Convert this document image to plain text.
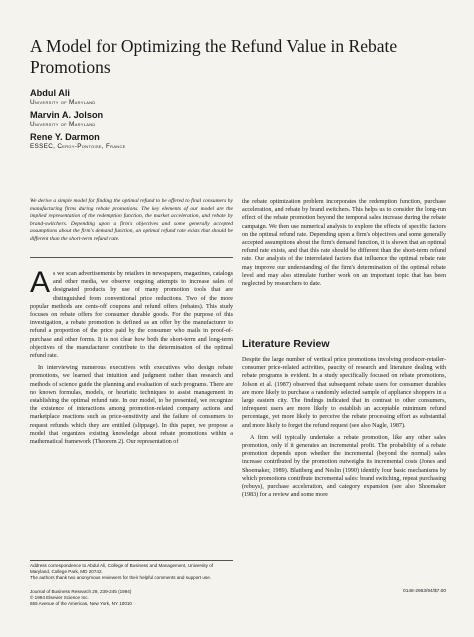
A Model for Optimizing the Refund Value in Rebate Promotions
Abdul Ali
University of Maryland
Marvin A. Jolson
University of Maryland
Rene Y. Darmon
ESSEC, Cergy-Pontoise, France

We derive a simple model for finding the optimal refund to be offered to final consumers by manufacturing firms during rebate promotions. The key elements of our model are the implied representation of the redemption function, the market acceleration, and rebate by brand-switchers. Depending upon a firm's objectives and some generally accepted assumptions about the firm's demand function, an optimal refund rate exists that should be different than the short-term refund rate.

As we scan advertisements by retailers in newspapers, magazines, catalogs and other media, we observe ongoing attempts to increase sales of designated products by use of many promotion tools that are distinguished from conventional price reductions. Two of the more popular methods are cents-off coupons and refund offers (rebates). This study focuses on rebate offers for consumer durable goods. For the purpose of this investigation, a rebate promotion is defined as an offer by the manufacturer to refund a proportion of the price paid by the consumer who mails in proof-of-purchase and other forms. It is not clear how both the short-term and long-term objectives of the manufacturer contribute to the determination of the optimal refund rate.

In interviewing numerous executives with executives who design rebate promotions, we learned that intuition and judgment rather than research and methods of science guide the planning and evaluation of such programs. There are no known formulas, models, or heuristic techniques to assist management in establishing the optimal refund rate. In our model, to be presented, we recognize the existence of interactions among promotion-related company actions and marketplace reactions such as price-sensitivity and the failure of consumers to request refunds which they are entitled (slippage). In this paper, we propose a model that organizes existing knowledge about rebate promotions within a mathematical framework (Theorem 2). Our representation of

the rebate optimization problem incorporates the redemption function, purchase acceleration, and rebate by brand switchers. This helps us to consider the long-run effect of the rebate promotion beyond the temporal sales increase during the rebate campaign. We then use numerical analysis to explore the effects of specific factors on the optimal refund rate. Depending upon a firm's objectives and some generally accepted assumptions about the firm's demand function, it is shown that an optimal refund rate exists, and that this rate should be different than the short-term refund rate. Our analysis of the interrelated factors that influence the optimal rebate rate may improve our understanding of the firm's determination of the optimal rebate level and may also stimulate further work on an important topic that has been neglected by researchers to date.

Literature Review

Despite the large number of vertical price promotions involving producer-retailer-consumer price-related activities, paucity of research and literature dealing with rebate programs is evident. In a study specifically focused on rebate promotions, Jolson et al. (1987) observed that subsequent rebate users for consumer durables are more likely to purchase a randomly selected sample of appliance shoppers in a large eastern city. The findings indicated that in contrast to other consumers, infrequent users are more likely to establish an acceptable minimum refund percentage, yet more likely to perceive the rebate processing effort as substantial and more likely to forget the refund request (see also Nagle, 1987).

A firm will typically undertake a rebate promotion, like any other sales promotion, only if it generates an incremental profit. The probability of a rebate promotion depends upon whether the incremental (beyond the normal) sales increase contributed by the promotion outweighs its incremental costs (Jones and Shoemaker, 1989). Blattberg and Neslin (1990) identify four basic mechanisms by which promotions contribute incremental sales: brand switching, repeat purchasing (rebuys), purchase acceleration, and category expansion (see also Shoemaker (1983) for a review and some more

Address correspondence to Abdul Ali, College of Business and Management, University of Maryland, College Park, MD 20742.
The authors thank two anonymous reviewers for their helpful comments and support use.
Journal of Business Research 29, 239-245 (1994)
© 1994 Elsevier Science Inc.
655 Avenue of the Americas, New York, NY 10010
0148-2963/94/$7.00
